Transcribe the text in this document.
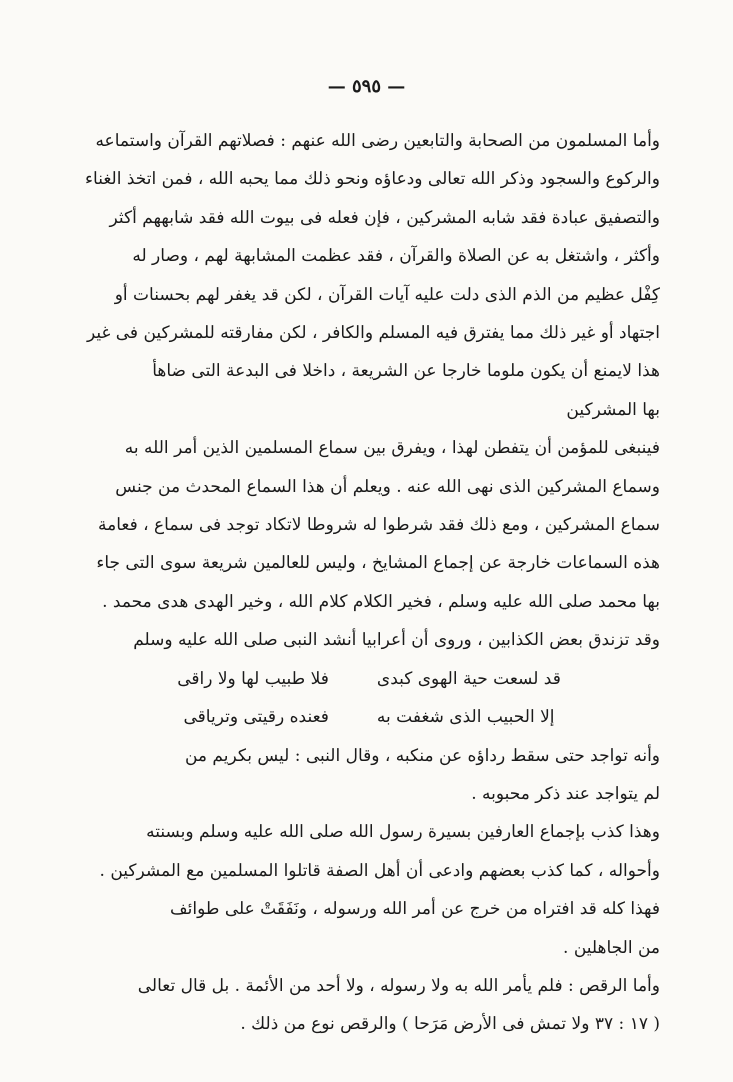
— ٥٩٥ —
وأما المسلمون من الصحابة والتابعين رضى الله عنهم : فصلاتهم القرآن واستماعه
والركوع والسجود وذكر الله تعالى ودعاؤه ونحو ذلك مما يحبه الله ، فمن اتخذ الغناء
والتصفيق عبادة فقد شابه المشركين ، فإن فعله فى بيوت الله فقد شابههم أكثر
وأكثر ، واشتغل به عن الصلاة والقرآن ، فقد عظمت المشابهة لهم ، وصار له
كِفْل عظيم من الذم الذى دلت عليه آيات القرآن ، لكن قد يغفر لهم بحسنات أو
اجتهاد أو غير ذلك مما يفترق فيه المسلم والكافر ، لكن مفارقته للمشركين فى غير
هذا لايمنع أن يكون ملوما خارجا عن الشريعة ، داخلا فى البدعة التى ضاهأ
بها المشركين
فينبغى للمؤمن أن يتفطن لهذا ، ويفرق بين سماع المسلمين الذين أمر الله به
وسماع المشركين الذى نهى الله عنه . ويعلم أن هذا السماع المحدث من جنس
سماع المشركين ، ومع ذلك فقد شرطوا له شروطا لاتكاد توجد فى سماع ، فعامة
هذه السماعات خارجة عن إجماع المشايخ ، وليس للعالمين شريعة سوى التى جاء
بها محمد صلى الله عليه وسلم ، فخير الكلام كلام الله ، وخير الهدى هدى محمد .
وقد تزندق بعض الكذابين ، وروى أن أعرابيا أنشد النبى صلى الله عليه وسلم
قد لسعت حية الهوى كبدى
فلا طبيب لها ولا راقى
إلا الحبيب الذى شغفت به
فعنده رقيتى وترياقى
وأنه تواجد حتى سقط رداؤه عن منكبه ، وقال النبى : ليس بكريم من
لم يتواجد عند ذكر محبوبه .
وهذا كذب بإجماع العارفين بسيرة رسول الله صلى الله عليه وسلم وبسنته
وأحواله ، كما كذب بعضهم وادعى أن أهل الصفة قاتلوا المسلمين مع المشركين .
فهذا كله قد افتراه من خرج عن أمر الله ورسوله ، ونَفَقَتْ على طوائف
من الجاهلين .
وأما الرقص : فلم يأمر الله به ولا رسوله ، ولا أحد من الأئمة . بل قال تعالى
( ١٧ : ٣٧ ولا تمش فى الأرض مَرَحا ) والرقص نوع من ذلك .
